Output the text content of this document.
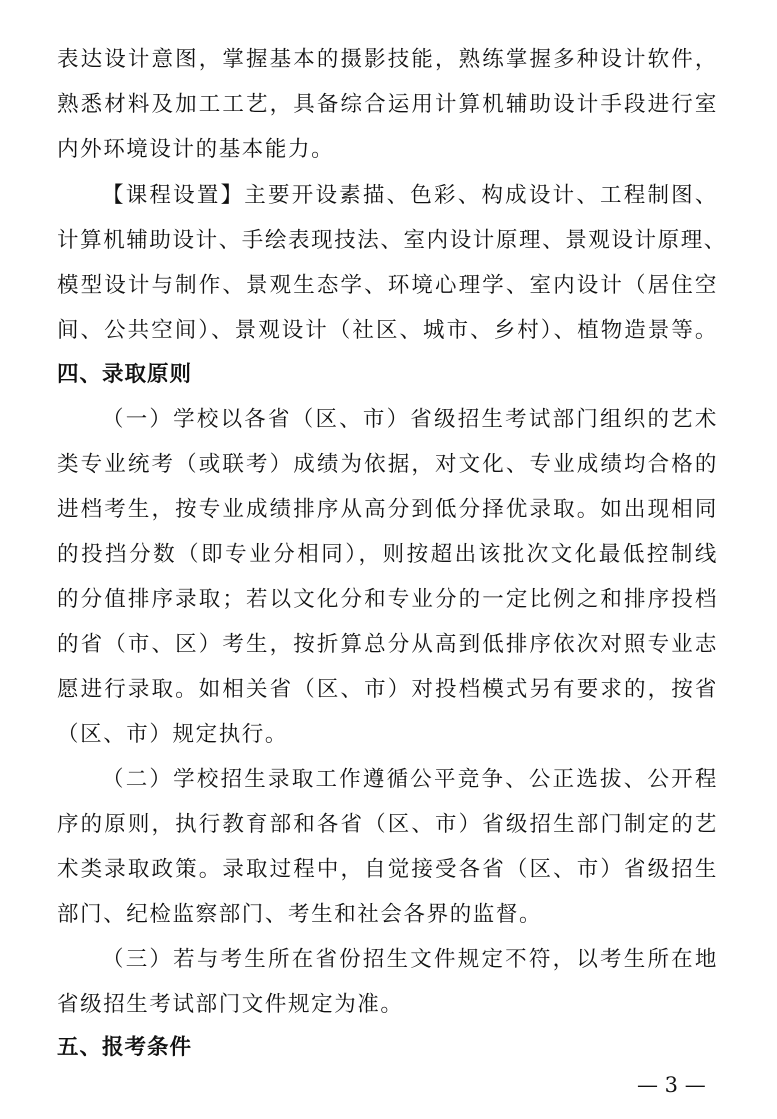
表达设计意图，掌握基本的摄影技能，熟练掌握多种设计软件，
熟悉材料及加工工艺，具备综合运用计算机辅助设计手段进行室
内外环境设计的基本能力。
【课程设置】主要开设素描、色彩、构成设计、工程制图、
计算机辅助设计、手绘表现技法、室内设计原理、景观设计原理、
模型设计与制作、景观生态学、环境心理学、室内设计（居住空
间、公共空间）、景观设计（社区、城市、乡村）、植物造景等。
四、录取原则
（一）学校以各省（区、市）省级招生考试部门组织的艺术
类专业统考（或联考）成绩为依据，对文化、专业成绩均合格的
进档考生，按专业成绩排序从高分到低分择优录取。如出现相同
的投挡分数（即专业分相同），则按超出该批次文化最低控制线
的分值排序录取；若以文化分和专业分的一定比例之和排序投档
的省（市、区）考生，按折算总分从高到低排序依次对照专业志
愿进行录取。如相关省（区、市）对投档模式另有要求的，按省
（区、市）规定执行。
（二）学校招生录取工作遵循公平竞争、公正选拔、公开程
序的原则，执行教育部和各省（区、市）省级招生部门制定的艺
术类录取政策。录取过程中，自觉接受各省（区、市）省级招生
部门、纪检监察部门、考生和社会各界的监督。
（三）若与考生所在省份招生文件规定不符，以考生所在地
省级招生考试部门文件规定为准。
五、报考条件
— 3 —
